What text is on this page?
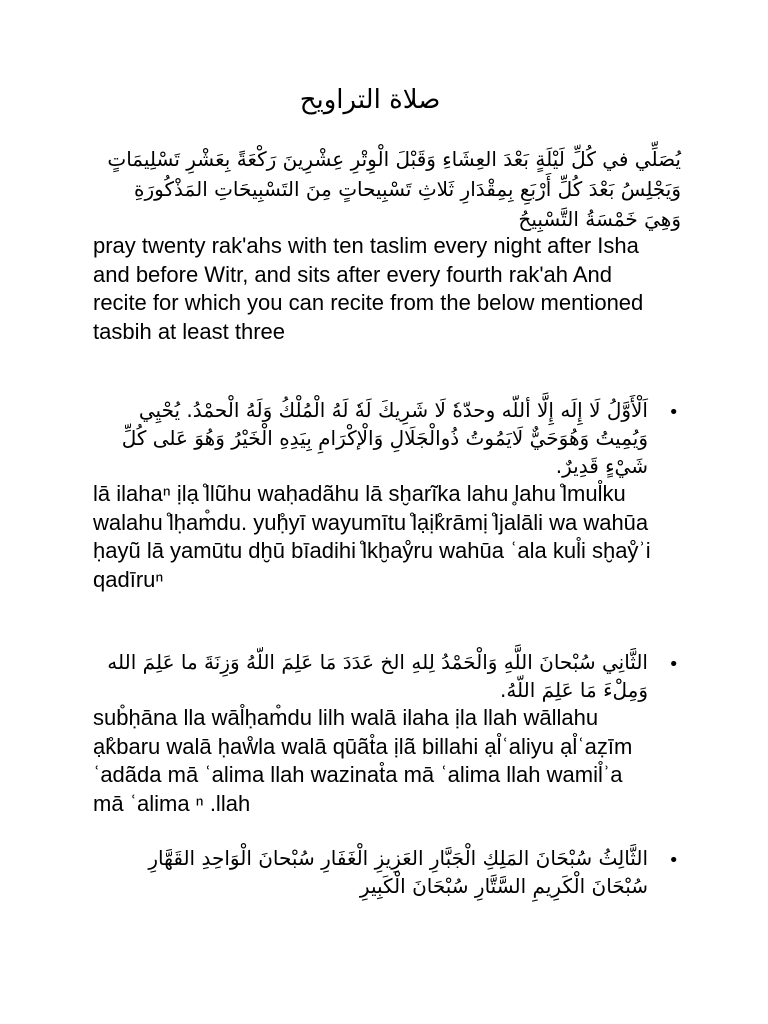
صلاة التراويح
يُصَلِّي في كُلِّ لَيْلَةٍ بَعْدَ العِشَاءِ وَقَبْلَ الْوِتْرِ عِشْرِينَ رَكْعَةً بِعَشْرِ تَسْلِيمَاتٍ وَيَجْلِسُ بَعْدَ كُلِّ أَرْبَعِ بِمِقْدَارِ ثَلاثِ تَسْبِيحاتٍ مِنَ التَسْبِيحَاتِ المَذْكُورَةِ وَهِيَ خَمْسَةُ التَّسْبِيحُ
pray twenty rak'ahs with ten taslim every night after Isha and before Witr, and sits after every fourth rak'ah And recite for which you can recite from the below mentioned tasbih at least three
•
اَلْأَوَّلُ لَا إِلَه إِلَّا أللّه وحدّهٗ لَا شَرِيكَ لَهٗ لَهُ الْمُلْكُ وَلَهُ الْحمْدُ. يُحْيِي وَيُمِيتُ وَهُوَحَيٌّ لَايَمُوتُ ذُوالْجَلَالِ وَالْإكْرَامِ بِيَدِهِ الْخَيْرُ وَهُوَ عَلى كُلِّ شَيْءٍ قَدِيرٌ.
lā ilahaⁿ ịlạ ̊llũhu waḥadãhu lā sḫarĩka lahu ̥lahu ̊lmul̊ku walahu ̊lḥam̊du. yuḥ̊yī wayumītu ̊lạịk̊rāmị ̊ljalāli wa wahūa ḥayũ lā yamūtu dḫū bīadihi ̊lkḫaẙru wahūa ʿala kul̊i sḫaẙʾi qadīruⁿ
•
الثَّانِي سُبْحانَ اللَّهِ وَالْحَمْدُ لِلهِ الخ عَدَدَ مَا عَلِمَ اللّهُ وَزِنَةَ ما عَلِمَ الله وَمِلْءَ مَا عَلِمَ اللّهُ.
sub̊ḥāna lla wāl̊ḥam̊du lilh walā ilaha ịla llah wāllahu ạk̊baru walā ḥaẘla walā qūãt̊a ịlã billahi ạl̊ʿaliyu ạl̊ʿaẓīm ʿadãda mā ʿalima llah wazinat̊a mā ʿalima llah wamil̊ʾa mā ʿalima ⁿ .llah
•
الثَّالِثُ سُبْحَانَ المَلِكِ الْجَبَّارِ العَزِيزِ الْغَفَارِ سُبْحانَ الْوَاحِدِ القَهَّارِ سُبْحَانَ الْكَرِيمِ السَّتَّارِ سُبْحَانَ الْكَبِيرِ
